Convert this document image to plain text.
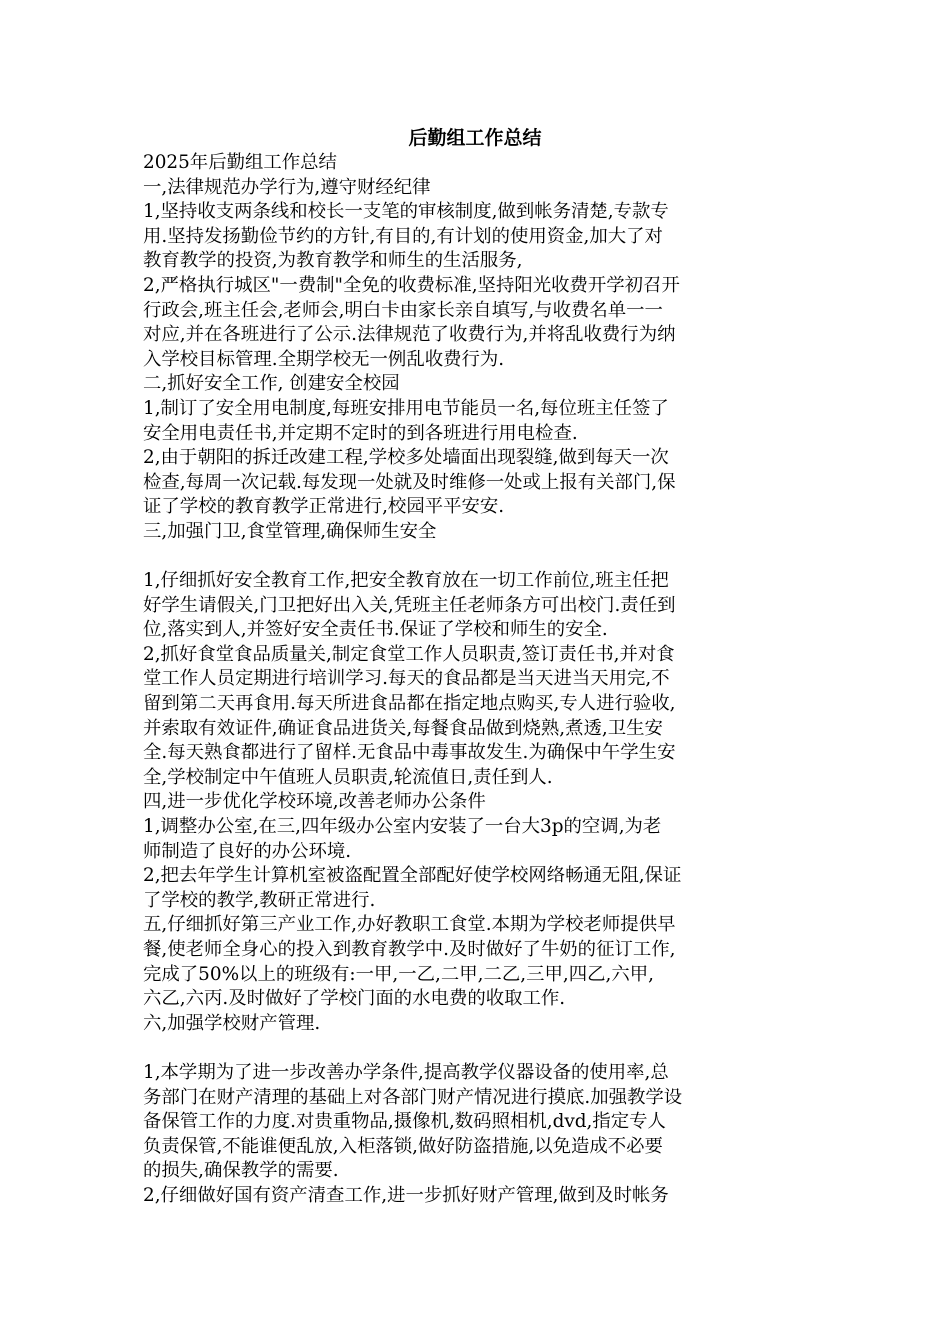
后勤组工作总结
2025年后勤组工作总结
一,法律规范办学行为,遵守财经纪律
1,坚持收支两条线和校长一支笔的审核制度,做到帐务清楚,专款专
用.坚持发扬勤俭节约的方针,有目的,有计划的使用资金,加大了对
教育教学的投资,为教育教学和师生的生活服务,
2,严格执行城区"一费制"全免的收费标准,坚持阳光收费开学初召开
行政会,班主任会,老师会,明白卡由家长亲自填写,与收费名单一一
对应,并在各班进行了公示.法律规范了收费行为,并将乱收费行为纳
入学校目标管理.全期学校无一例乱收费行为.
二,抓好安全工作, 创建安全校园
1,制订了安全用电制度,每班安排用电节能员一名,每位班主任签了
安全用电责任书,并定期不定时的到各班进行用电检查.
2,由于朝阳的拆迁改建工程,学校多处墙面出现裂缝,做到每天一次
检查,每周一次记载.每发现一处就及时维修一处或上报有关部门,保
证了学校的教育教学正常进行,校园平平安安.
三,加强门卫,食堂管理,确保师生安全
1,仔细抓好安全教育工作,把安全教育放在一切工作前位,班主任把
好学生请假关,门卫把好出入关,凭班主任老师条方可出校门.责任到
位,落实到人,并签好安全责任书.保证了学校和师生的安全.
2,抓好食堂食品质量关,制定食堂工作人员职责,签订责任书,并对食
堂工作人员定期进行培训学习.每天的食品都是当天进当天用完,不
留到第二天再食用.每天所进食品都在指定地点购买,专人进行验收,
并索取有效证件,确证食品进货关,每餐食品做到烧熟,煮透,卫生安
全.每天熟食都进行了留样.无食品中毒事故发生.为确保中午学生安
全,学校制定中午值班人员职责,轮流值日,责任到人.
四,进一步优化学校环境,改善老师办公条件
1,调整办公室,在三,四年级办公室内安装了一台大3p的空调,为老
师制造了良好的办公环境.
2,把去年学生计算机室被盗配置全部配好使学校网络畅通无阻,保证
了学校的教学,教研正常进行.
五,仔细抓好第三产业工作,办好教职工食堂.本期为学校老师提供早
餐,使老师全身心的投入到教育教学中.及时做好了牛奶的征订工作,
完成了50%以上的班级有:一甲,一乙,二甲,二乙,三甲,四乙,六甲,
六乙,六丙.及时做好了学校门面的水电费的收取工作.
六,加强学校财产管理.
1,本学期为了进一步改善办学条件,提高教学仪器设备的使用率,总
务部门在财产清理的基础上对各部门财产情况进行摸底.加强教学设
备保管工作的力度.对贵重物品,摄像机,数码照相机,dvd,指定专人
负责保管,不能谁便乱放,入柜落锁,做好防盗措施,以免造成不必要
的损失,确保教学的需要.
2,仔细做好国有资产清查工作,进一步抓好财产管理,做到及时帐务
